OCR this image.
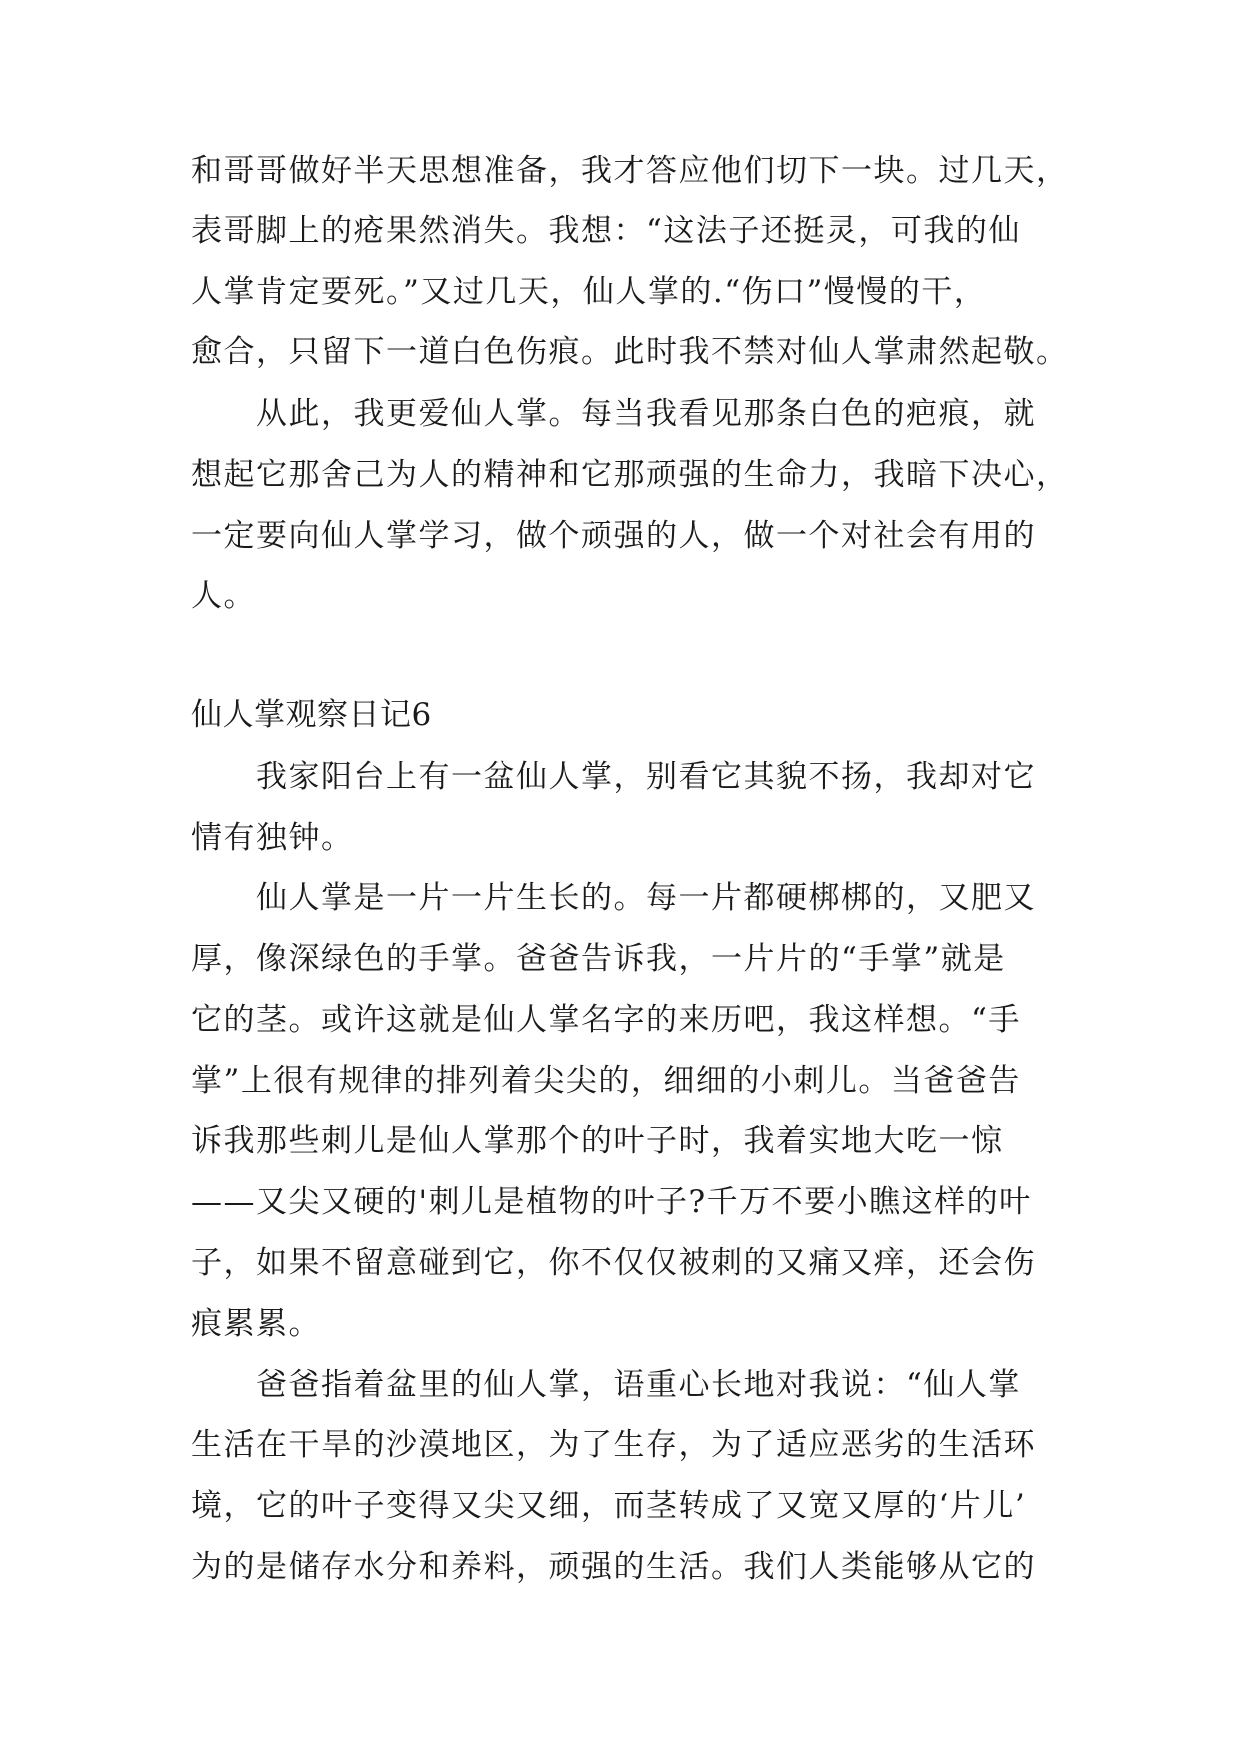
和哥哥做好半天思想准备，我才答应他们切下一块。过几天，
表哥脚上的疮果然消失。我想：“这法子还挺灵，可我的仙
人掌肯定要死。”又过几天，仙人掌的.“伤口”慢慢的干，
愈合，只留下一道白色伤痕。此时我不禁对仙人掌肃然起敬。
　　从此，我更爱仙人掌。每当我看见那条白色的疤痕，就
想起它那舍己为人的精神和它那顽强的生命力，我暗下决心，
一定要向仙人掌学习，做个顽强的人，做一个对社会有用的
人。
仙人掌观察日记6
　　我家阳台上有一盆仙人掌，别看它其貌不扬，我却对它
情有独钟。
　　仙人掌是一片一片生长的。每一片都硬梆梆的，又肥又
厚，像深绿色的手掌。爸爸告诉我，一片片的“手掌”就是
它的茎。或许这就是仙人掌名字的来历吧，我这样想。“手
掌”上很有规律的排列着尖尖的，细细的小刺儿。当爸爸告
诉我那些刺儿是仙人掌那个的叶子时，我着实地大吃一惊
——又尖又硬的'刺儿是植物的叶子?千万不要小瞧这样的叶
子，如果不留意碰到它，你不仅仅被刺的又痛又痒，还会伤
痕累累。
　　爸爸指着盆里的仙人掌，语重心长地对我说：“仙人掌
生活在干旱的沙漠地区，为了生存，为了适应恶劣的生活环
境，它的叶子变得又尖又细，而茎转成了又宽又厚的‘片儿’
为的是储存水分和养料，顽强的生活。我们人类能够从它的
